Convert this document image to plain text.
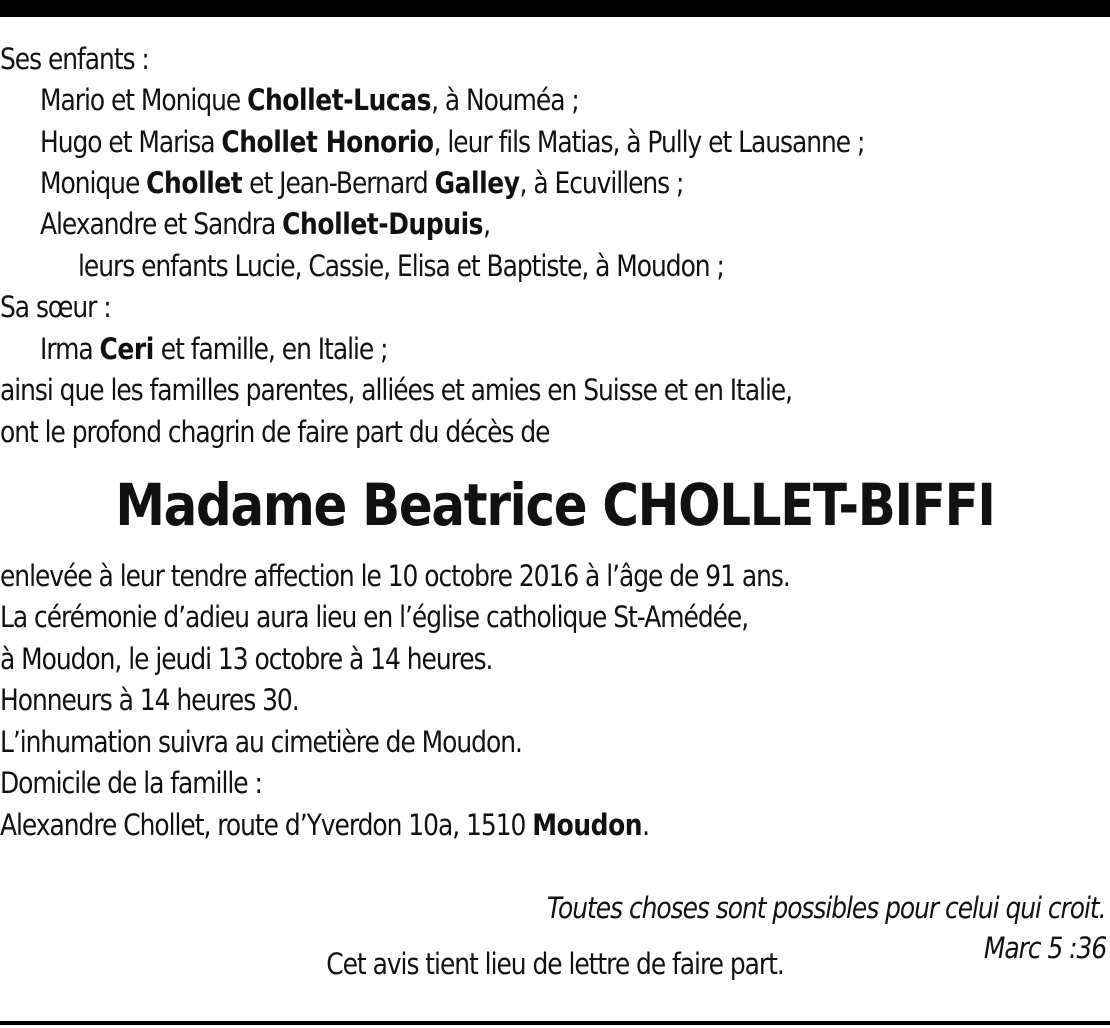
Ses enfants :
Mario et Monique Chollet-Lucas, à Nouméa ;
Hugo et Marisa Chollet Honorio, leur fils Matias, à Pully et Lausanne ;
Monique Chollet et Jean-Bernard Galley, à Ecuvillens ;
Alexandre et Sandra Chollet-Dupuis,
leurs enfants Lucie, Cassie, Elisa et Baptiste, à Moudon ;
Sa sœur :
Irma Ceri et famille, en Italie ;
ainsi que les familles parentes, alliées et amies en Suisse et en Italie,
ont le profond chagrin de faire part du décès de
Madame Beatrice CHOLLET-BIFFI
enlevée à leur tendre affection le 10 octobre 2016 à l’âge de 91 ans.
La cérémonie d’adieu aura lieu en l’église catholique St-Amédée,
à Moudon, le jeudi 13 octobre à 14 heures.
Honneurs à 14 heures 30.
L’inhumation suivra au cimetière de Moudon.
Domicile de la famille :
Alexandre Chollet, route d’Yverdon 10a, 1510 Moudon.
Toutes choses sont possibles pour celui qui croit.
Marc 5 :36
Cet avis tient lieu de lettre de faire part.
